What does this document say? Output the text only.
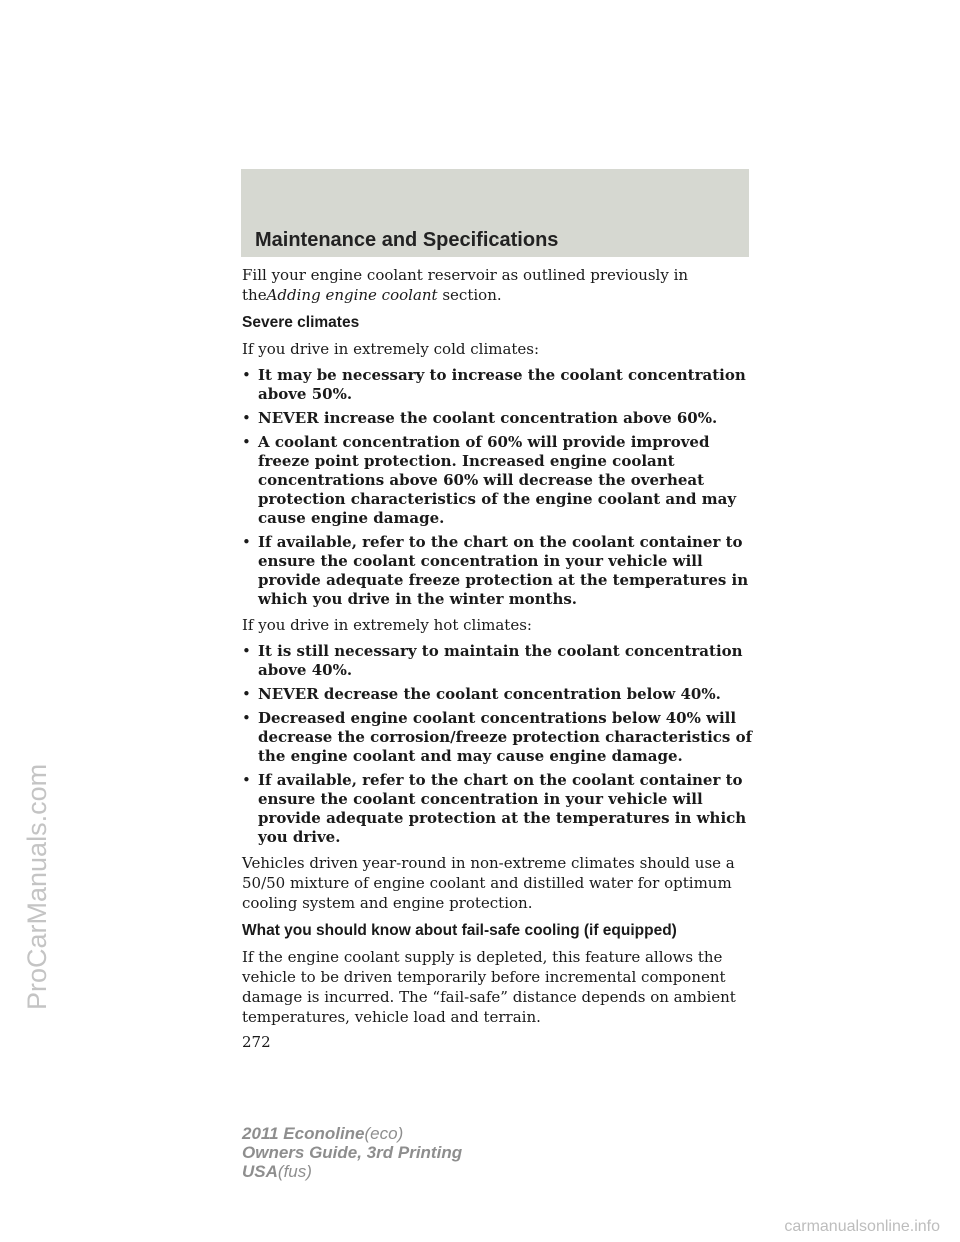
Maintenance and Specifications

Fill your engine coolant reservoir as outlined previously in theAdding engine coolant section.

Severe climates

If you drive in extremely cold climates:

• It may be necessary to increase the coolant concentration above 50%.
• NEVER increase the coolant concentration above 60%.
• A coolant concentration of 60% will provide improved freeze point protection. Increased engine coolant concentrations above 60% will decrease the overheat protection characteristics of the engine coolant and may cause engine damage.
• If available, refer to the chart on the coolant container to ensure the coolant concentration in your vehicle will provide adequate freeze protection at the temperatures in which you drive in the winter months.

If you drive in extremely hot climates:

• It is still necessary to maintain the coolant concentration above 40%.
• NEVER decrease the coolant concentration below 40%.
• Decreased engine coolant concentrations below 40% will decrease the corrosion/freeze protection characteristics of the engine coolant and may cause engine damage.
• If available, refer to the chart on the coolant container to ensure the coolant concentration in your vehicle will provide adequate protection at the temperatures in which you drive.

Vehicles driven year-round in non-extreme climates should use a 50/50 mixture of engine coolant and distilled water for optimum cooling system and engine protection.

What you should know about fail-safe cooling (if equipped)

If the engine coolant supply is depleted, this feature allows the vehicle to be driven temporarily before incremental component damage is incurred. The “fail-safe” distance depends on ambient temperatures, vehicle load and terrain.

272
ProCarManuals.com
2011 Econoline(eco)
Owners Guide, 3rd Printing
USA(fus)
carmanualsonline.info
